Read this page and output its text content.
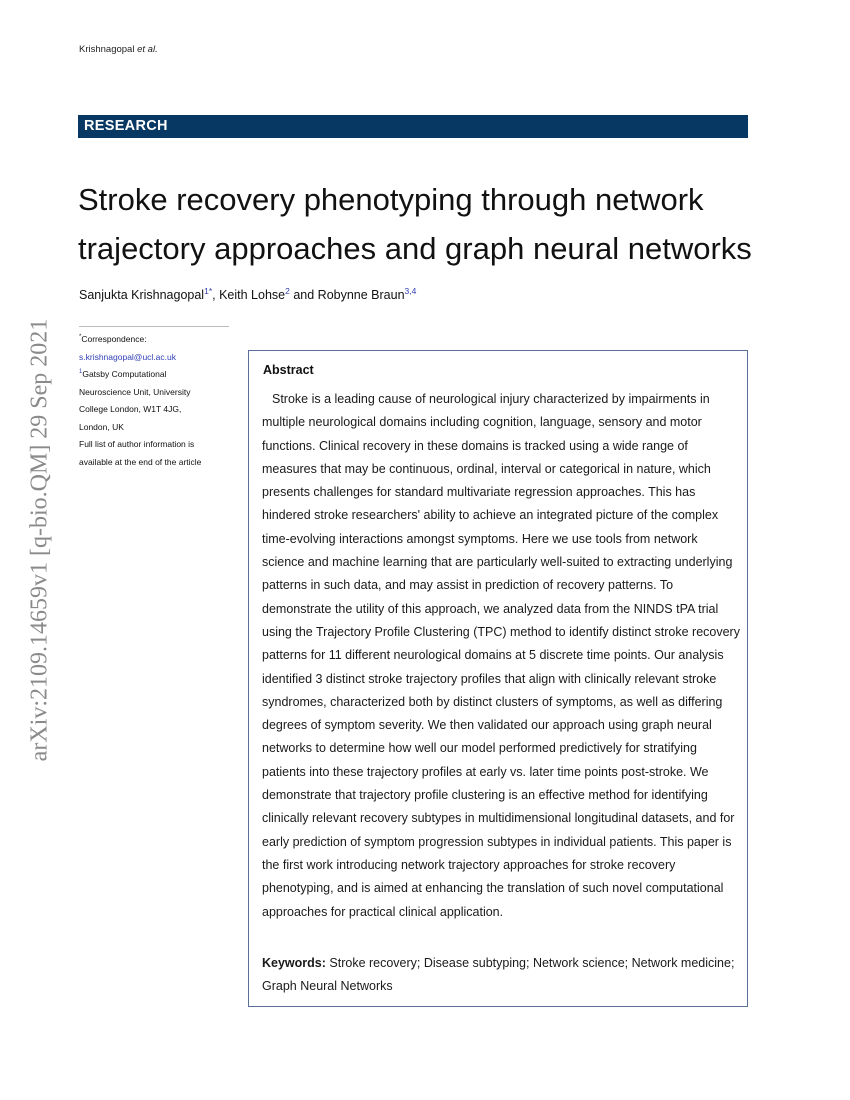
Krishnagopal et al.
RESEARCH
Stroke recovery phenotyping through network trajectory approaches and graph neural networks
Sanjukta Krishnagopal$^{1*}$, Keith Lohse$^2$ and Robynne Braun$^{3,4}$
*Correspondence:
s.krishnagopal@ucl.ac.uk
$^1$Gatsby Computational
Neuroscience Unit, University
College London, W1T 4JG,
London, UK
Full list of author information is
available at the end of the article
arXiv:2109.14659v1 [q-bio.QM] 29 Sep 2021	Abstract

Stroke is a leading cause of neurological injury characterized by impairments in multiple neurological domains including cognition, language, sensory and motor functions. Clinical recovery in these domains is tracked using a wide range of measures that may be continuous, ordinal, interval or categorical in nature, which presents challenges for standard multivariate regression approaches. This has hindered stroke researchers' ability to achieve an integrated picture of the complex time-evolving interactions amongst symptoms. Here we use tools from network science and machine learning that are particularly well-suited to extracting underlying patterns in such data, and may assist in prediction of recovery patterns. To demonstrate the utility of this approach, we analyzed data from the NINDS tPA trial using the Trajectory Profile Clustering (TPC) method to identify distinct stroke recovery patterns for 11 different neurological domains at 5 discrete time points. Our analysis identified 3 distinct stroke trajectory profiles that align with clinically relevant stroke syndromes, characterized both by distinct clusters of symptoms, as well as differing degrees of symptom severity. We then validated our approach using graph neural networks to determine how well our model performed predictively for stratifying patients into these trajectory profiles at early vs. later time points post-stroke. We demonstrate that trajectory profile clustering is an effective method for identifying clinically relevant recovery subtypes in multidimensional longitudinal datasets, and for early prediction of symptom progression subtypes in individual patients. This paper is the first work introducing network trajectory approaches for stroke recovery phenotyping, and is aimed at enhancing the translation of such novel computational approaches for practical clinical application.

Keywords: Stroke recovery; Disease subtyping; Network science; Network medicine; Graph Neural Networks
